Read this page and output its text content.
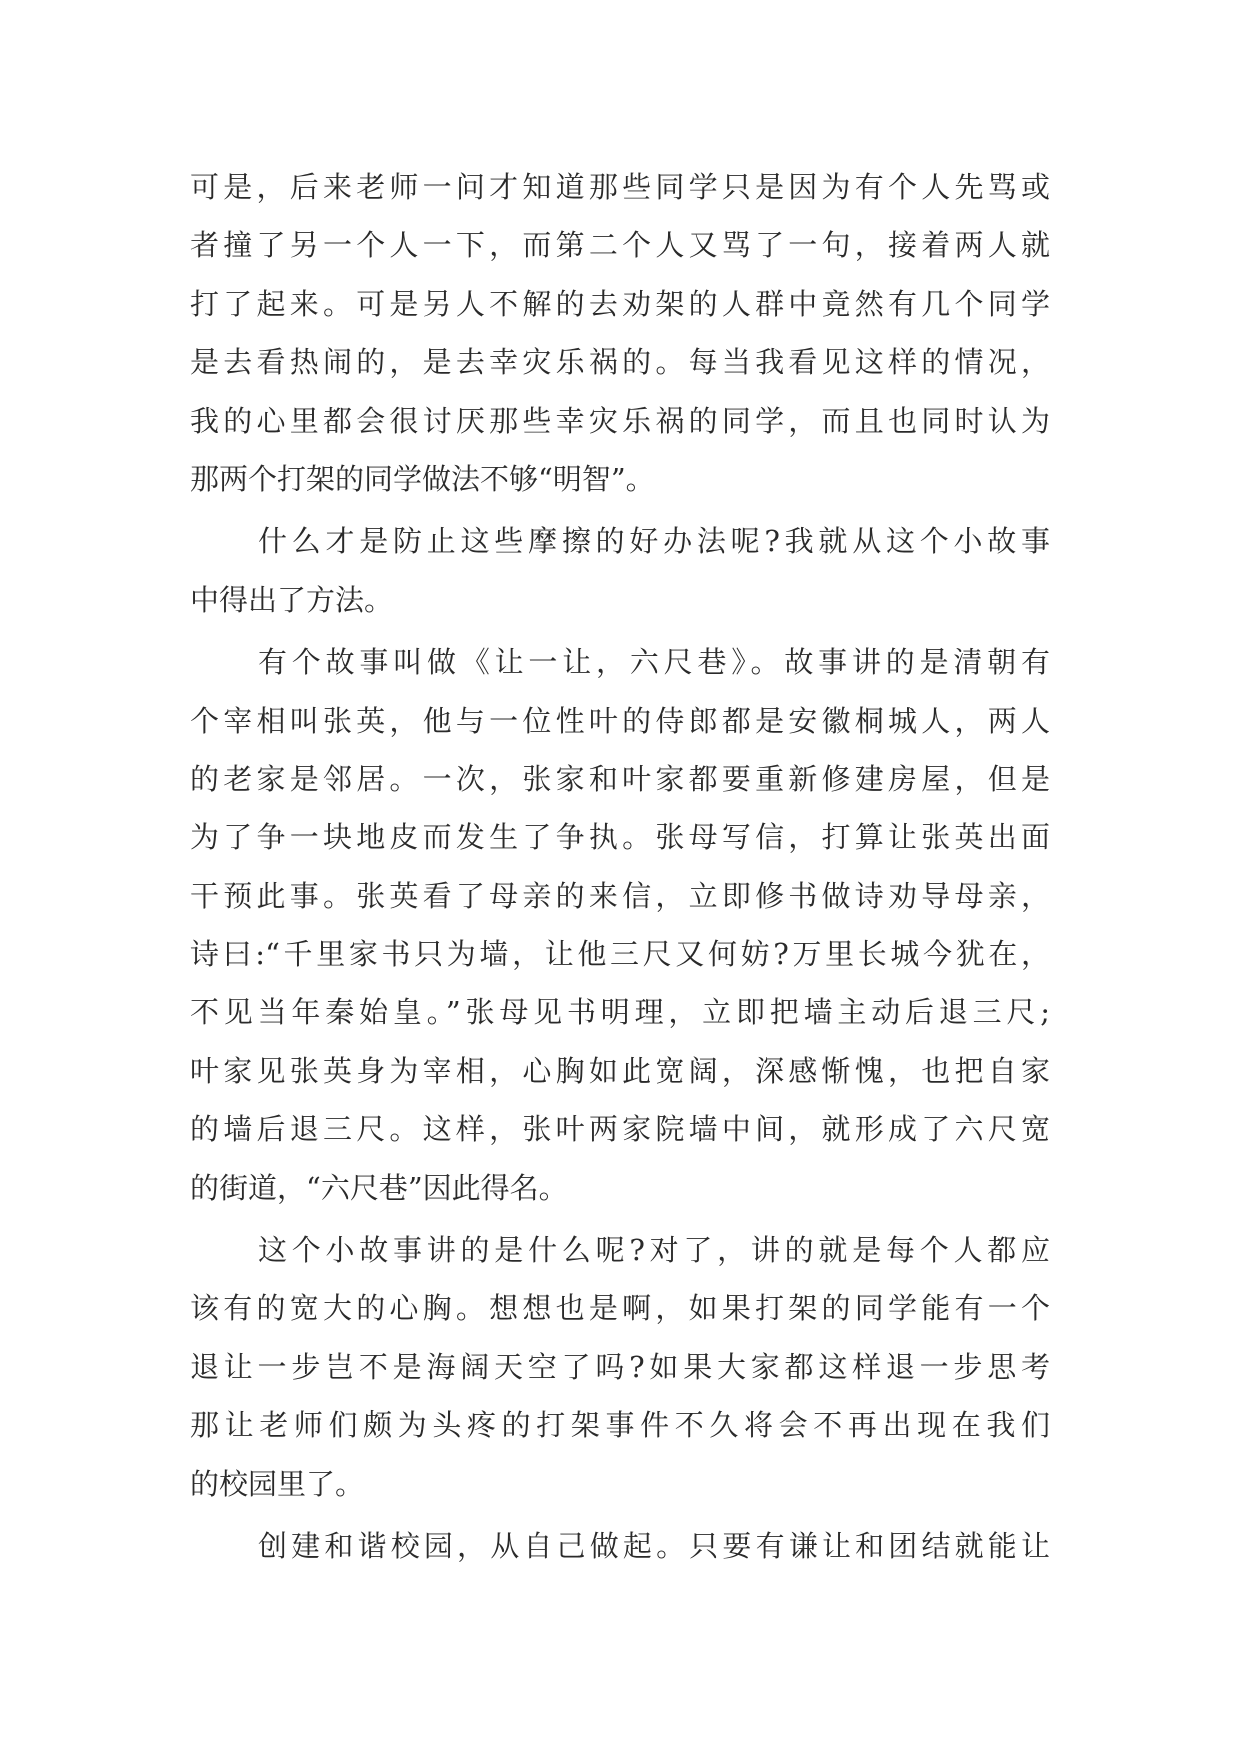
可是，后来老师一问才知道那些同学只是因为有个人先骂或
者撞了另一个人一下，而第二个人又骂了一句，接着两人就
打了起来。可是另人不解的去劝架的人群中竟然有几个同学
是去看热闹的，是去幸灾乐祸的。每当我看见这样的情况，
我的心里都会很讨厌那些幸灾乐祸的同学，而且也同时认为
那两个打架的同学做法不够“明智”。
什么才是防止这些摩擦的好办法呢?我就从这个小故事
中得出了方法。
有个故事叫做《让一让，六尺巷》。故事讲的是清朝有
个宰相叫张英，他与一位性叶的侍郎都是安徽桐城人，两人
的老家是邻居。一次，张家和叶家都要重新修建房屋，但是
为了争一块地皮而发生了争执。张母写信，打算让张英出面
干预此事。张英看了母亲的来信，立即修书做诗劝导母亲，
诗曰:“千里家书只为墙，让他三尺又何妨?万里长城今犹在，
不见当年秦始皇。”张母见书明理，立即把墙主动后退三尺;
叶家见张英身为宰相，心胸如此宽阔，深感惭愧，也把自家
的墙后退三尺。这样，张叶两家院墙中间，就形成了六尺宽
的街道，“六尺巷”因此得名。
这个小故事讲的是什么呢?对了，讲的就是每个人都应
该有的宽大的心胸。想想也是啊，如果打架的同学能有一个
退让一步岂不是海阔天空了吗?如果大家都这样退一步思考
那让老师们颇为头疼的打架事件不久将会不再出现在我们
的校园里了。
创建和谐校园，从自己做起。只要有谦让和团结就能让
